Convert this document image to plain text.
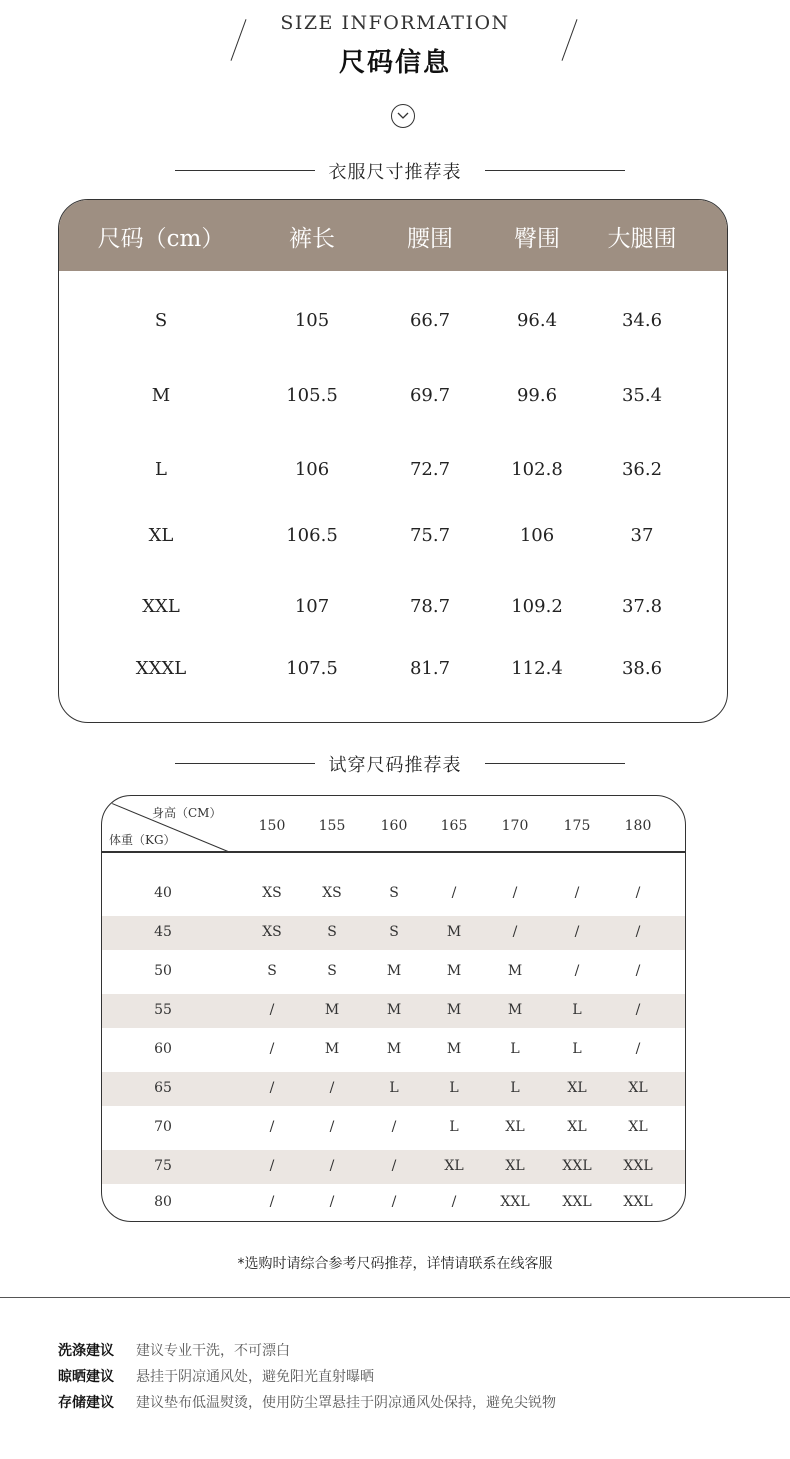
SIZE INFORMATION
尺码信息
衣服尺寸推荐表
尺码（cm）	裤长	腰围	臀围 大腿围
S	105	66.7	96.4	34.6
M	105.5	69.7	99.6	35.4
L	106	72.7	102.8	36.2
XL	106.5	75.7	106	37
XXL	107	78.7	109.2	37.8
XXXL	107.5	81.7	112.4	38.6
试穿尺码推荐表
身高（CM）
体重（KG）
150 155	160 165 170	175 180
40	XS	XS	S	/	/	/	/
45	XS	S	S	M	/	/	/
50	S	S	M	M	M	/	/
55	/	M	M	M	M	L	/
60	/	M	M	M	L	L	/
65	/	/	L	L	L	XL	XL
70	/	/	/	L	XL	XL	XL
75	/	/	/	XL	XL	XXL XXL
80	/	/	/	/	XXL XXL XXL
*选购时请综合参考尺码推荐，详情请联系在线客服
洗涤建议 建议专业干洗，不可漂白
晾晒建议 悬挂于阴凉通风处，避免阳光直射曝晒
存储建议 建议垫布低温熨烫，使用防尘罩悬挂于阴凉通风处保持，避免尖锐物
